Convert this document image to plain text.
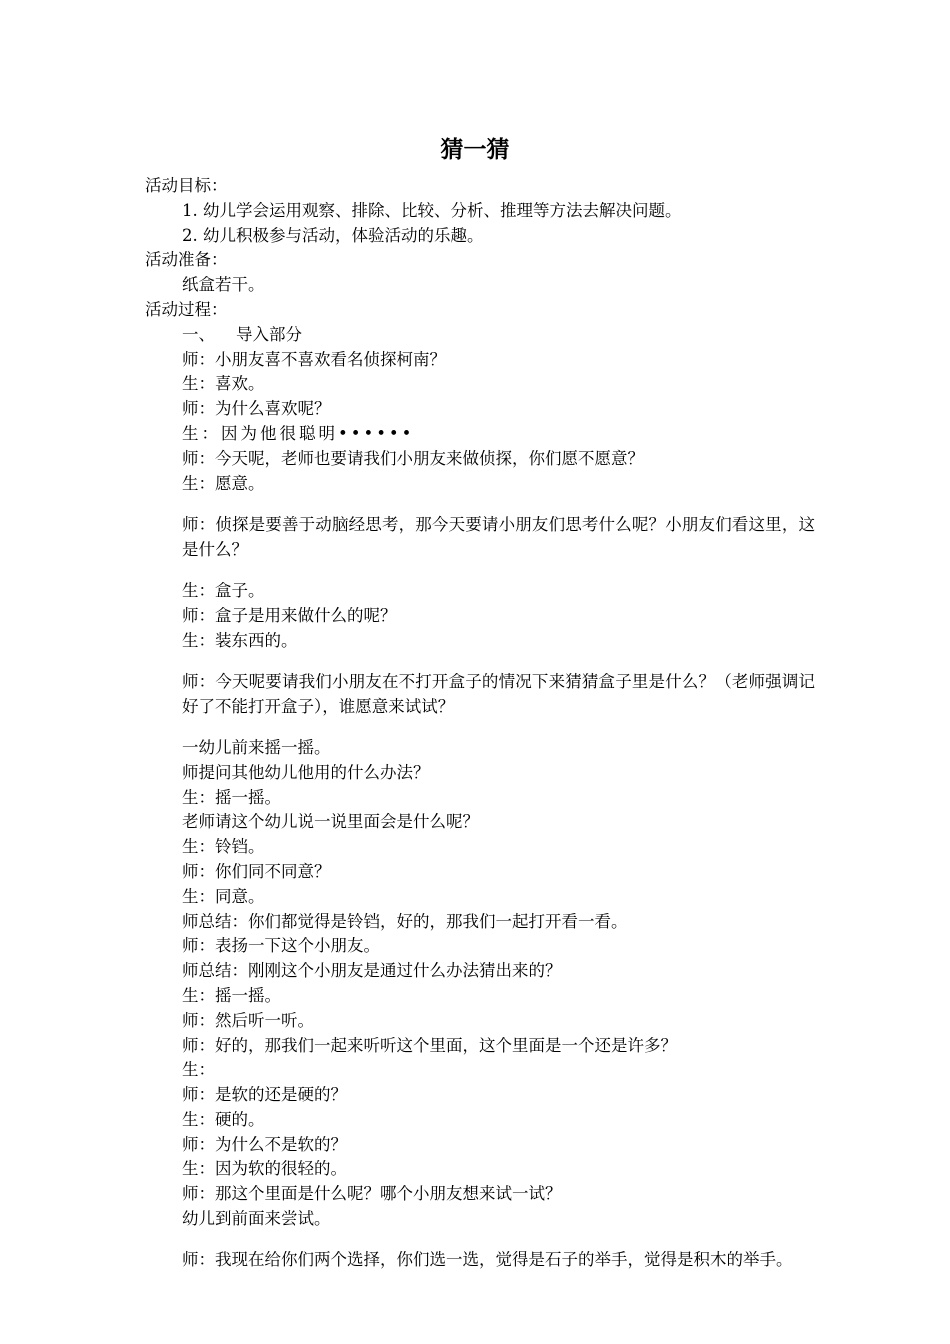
猜一猜

活动目标：

1. 幼儿学会运用观察、排除、比较、分析、推理等方法去解决问题。

2. 幼儿积极参与活动，体验活动的乐趣。

活动准备：

纸盒若干。

活动过程：

一、    导入部分

师：小朋友喜不喜欢看名侦探柯南？

生：喜欢。

师：为什么喜欢呢？

生：因为他很聪明••••••

师：今天呢，老师也要请我们小朋友来做侦探，你们愿不愿意？

生：愿意。

师：侦探是要善于动脑经思考，那今天要请小朋友们思考什么呢？小朋友们看这里，这是什么？

生：盒子。

师：盒子是用来做什么的呢？

生：装东西的。

师：今天呢要请我们小朋友在不打开盒子的情况下来猜猜盒子里是什么？（老师强调记好了不能打开盒子），谁愿意来试试？

一幼儿前来摇一摇。

师提问其他幼儿他用的什么办法？

生：摇一摇。

老师请这个幼儿说一说里面会是什么呢？

生：铃铛。

师：你们同不同意？

生：同意。

师总结：你们都觉得是铃铛，好的，那我们一起打开看一看。

师：表扬一下这个小朋友。

师总结：刚刚这个小朋友是通过什么办法猜出来的？

生：摇一摇。

师：然后听一听。

师：好的，那我们一起来听听这个里面，这个里面是一个还是许多？

生：

师：是软的还是硬的？

生：硬的。

师：为什么不是软的？

生：因为软的很轻的。

师：那这个里面是什么呢？哪个小朋友想来试一试？

幼儿到前面来尝试。

师：我现在给你们两个选择，你们选一选，觉得是石子的举手，觉得是积木的举手。
